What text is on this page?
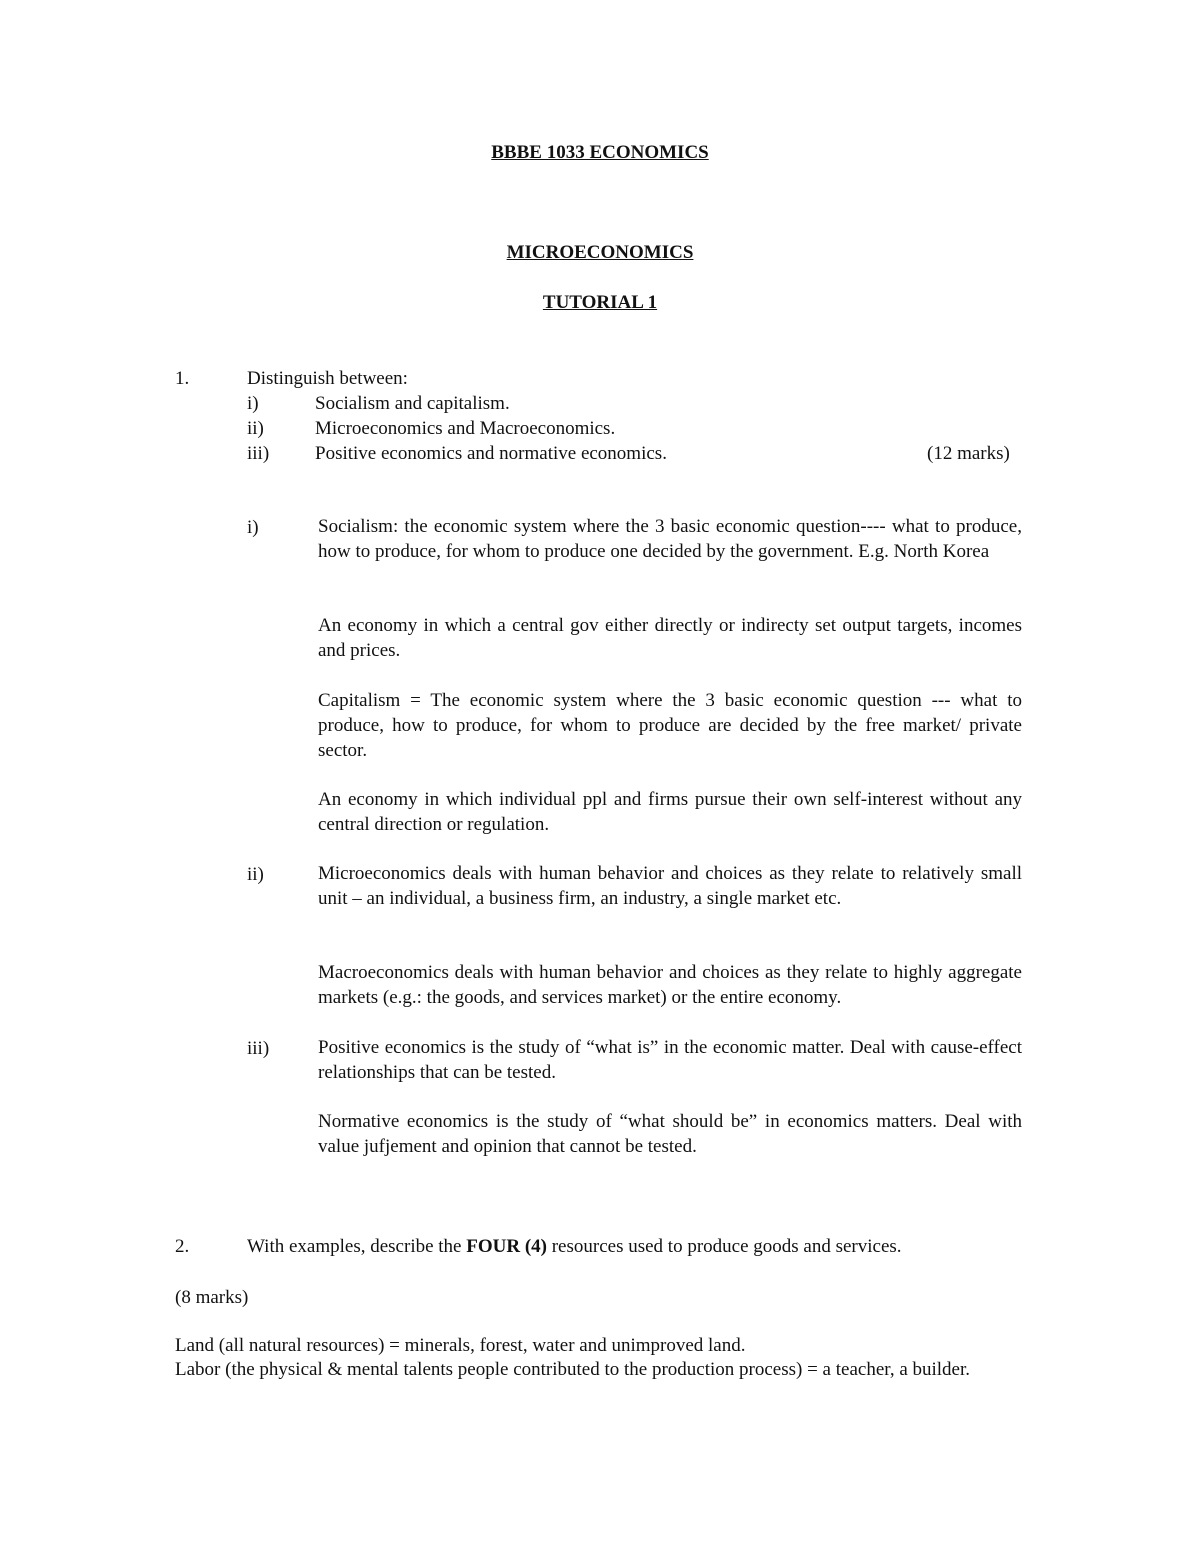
BBBE 1033 ECONOMICS
MICROECONOMICS
TUTORIAL 1
1.	Distinguish between:
i)	Socialism and capitalism.
ii)	Microeconomics and Macroeconomics.
iii) Positive economics and normative economics.	(12 marks)
i)	Socialism: the economic system where the 3 basic economic question---- what to produce, how to produce, for whom to produce one decided by the government. E.g. North Korea
An economy in which a central gov either directly or indirecty set output targets, incomes and prices.
Capitalism = The economic system where the 3 basic economic question --- what to produce, how to produce, for whom to produce are decided by the free market/ private sector.
An economy in which individual ppl and firms pursue their own self-interest without any central direction or regulation.
ii)	Microeconomics deals with human behavior and choices as they relate to relatively small unit – an individual, a business firm, an industry, a single market etc.
Macroeconomics deals with human behavior and choices as they relate to highly aggregate markets (e.g.: the goods, and services market) or the entire economy.
iii)	Positive economics is the study of “what is” in the economic matter. Deal with cause-effect relationships that can be tested.
Normative economics is the study of “what should be” in economics matters. Deal with value jufjement and opinion that cannot be tested.
2.	With examples, describe the FOUR (4) resources used to produce goods and services.
(8 marks)
Land (all natural resources) = minerals, forest, water and unimproved land.
Labor (the physical & mental talents people contributed to the production process) = a teacher, a builder.
